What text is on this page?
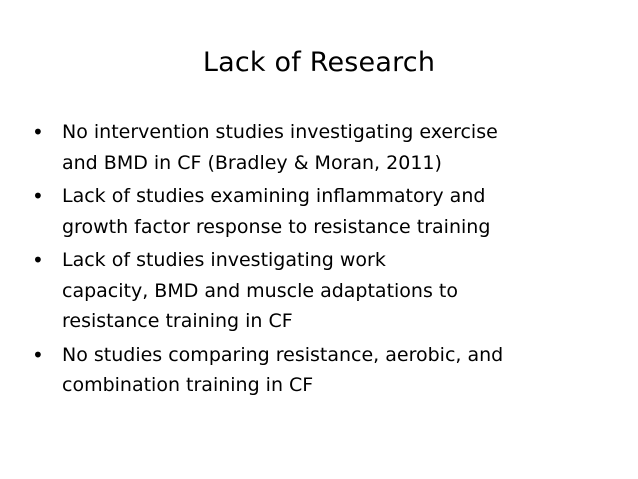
Lack of Research
• No intervention studies investigating exercise
and BMD in CF (Bradley & Moran, 2011)
• Lack of studies examining inflammatory and
growth factor response to resistance training
• Lack of studies investigating work
capacity, BMD and muscle adaptations to
resistance training in CF
• No studies comparing resistance, aerobic, and
combination training in CF
